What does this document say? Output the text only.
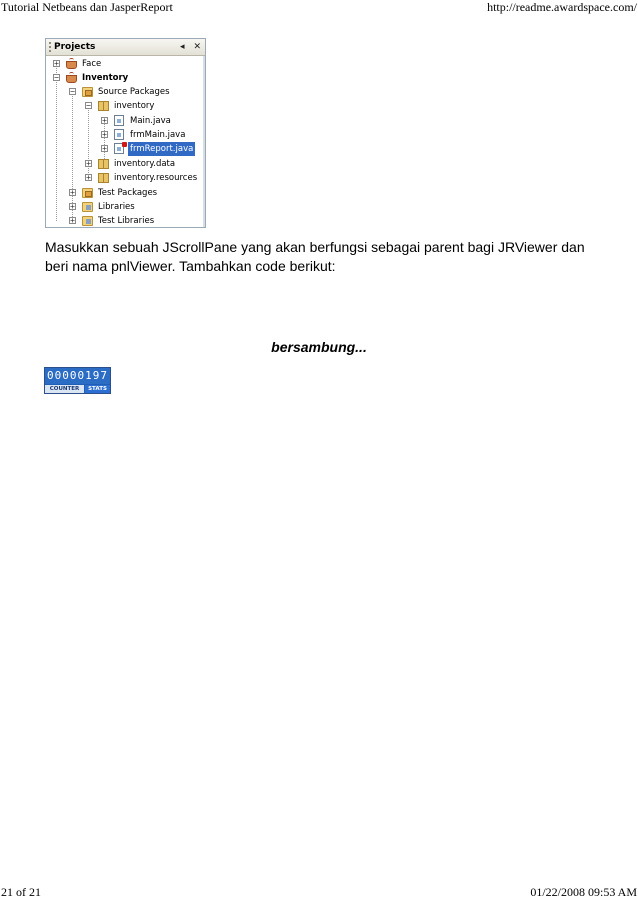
Tutorial Netbeans dan JasperReport	http://readme.awardspace.com/
Projects	◂ ✕
+	Face
−	Inventory
−	Source Packages
−	inventory
+	Main.java
+	frmMain.java
+	frmReport.java
+	inventory.data
+	inventory.resources
+	Test Packages
+	Libraries
+	Test Libraries
Masukkan sebuah JScrollPane yang akan berfungsi sebagai parent bagi JRViewer dan beri nama pnlViewer. Tambahkan code berikut:
bersambung...
00000197
COUNTER	STATS
21 of 21	01/22/2008 09:53 AM
